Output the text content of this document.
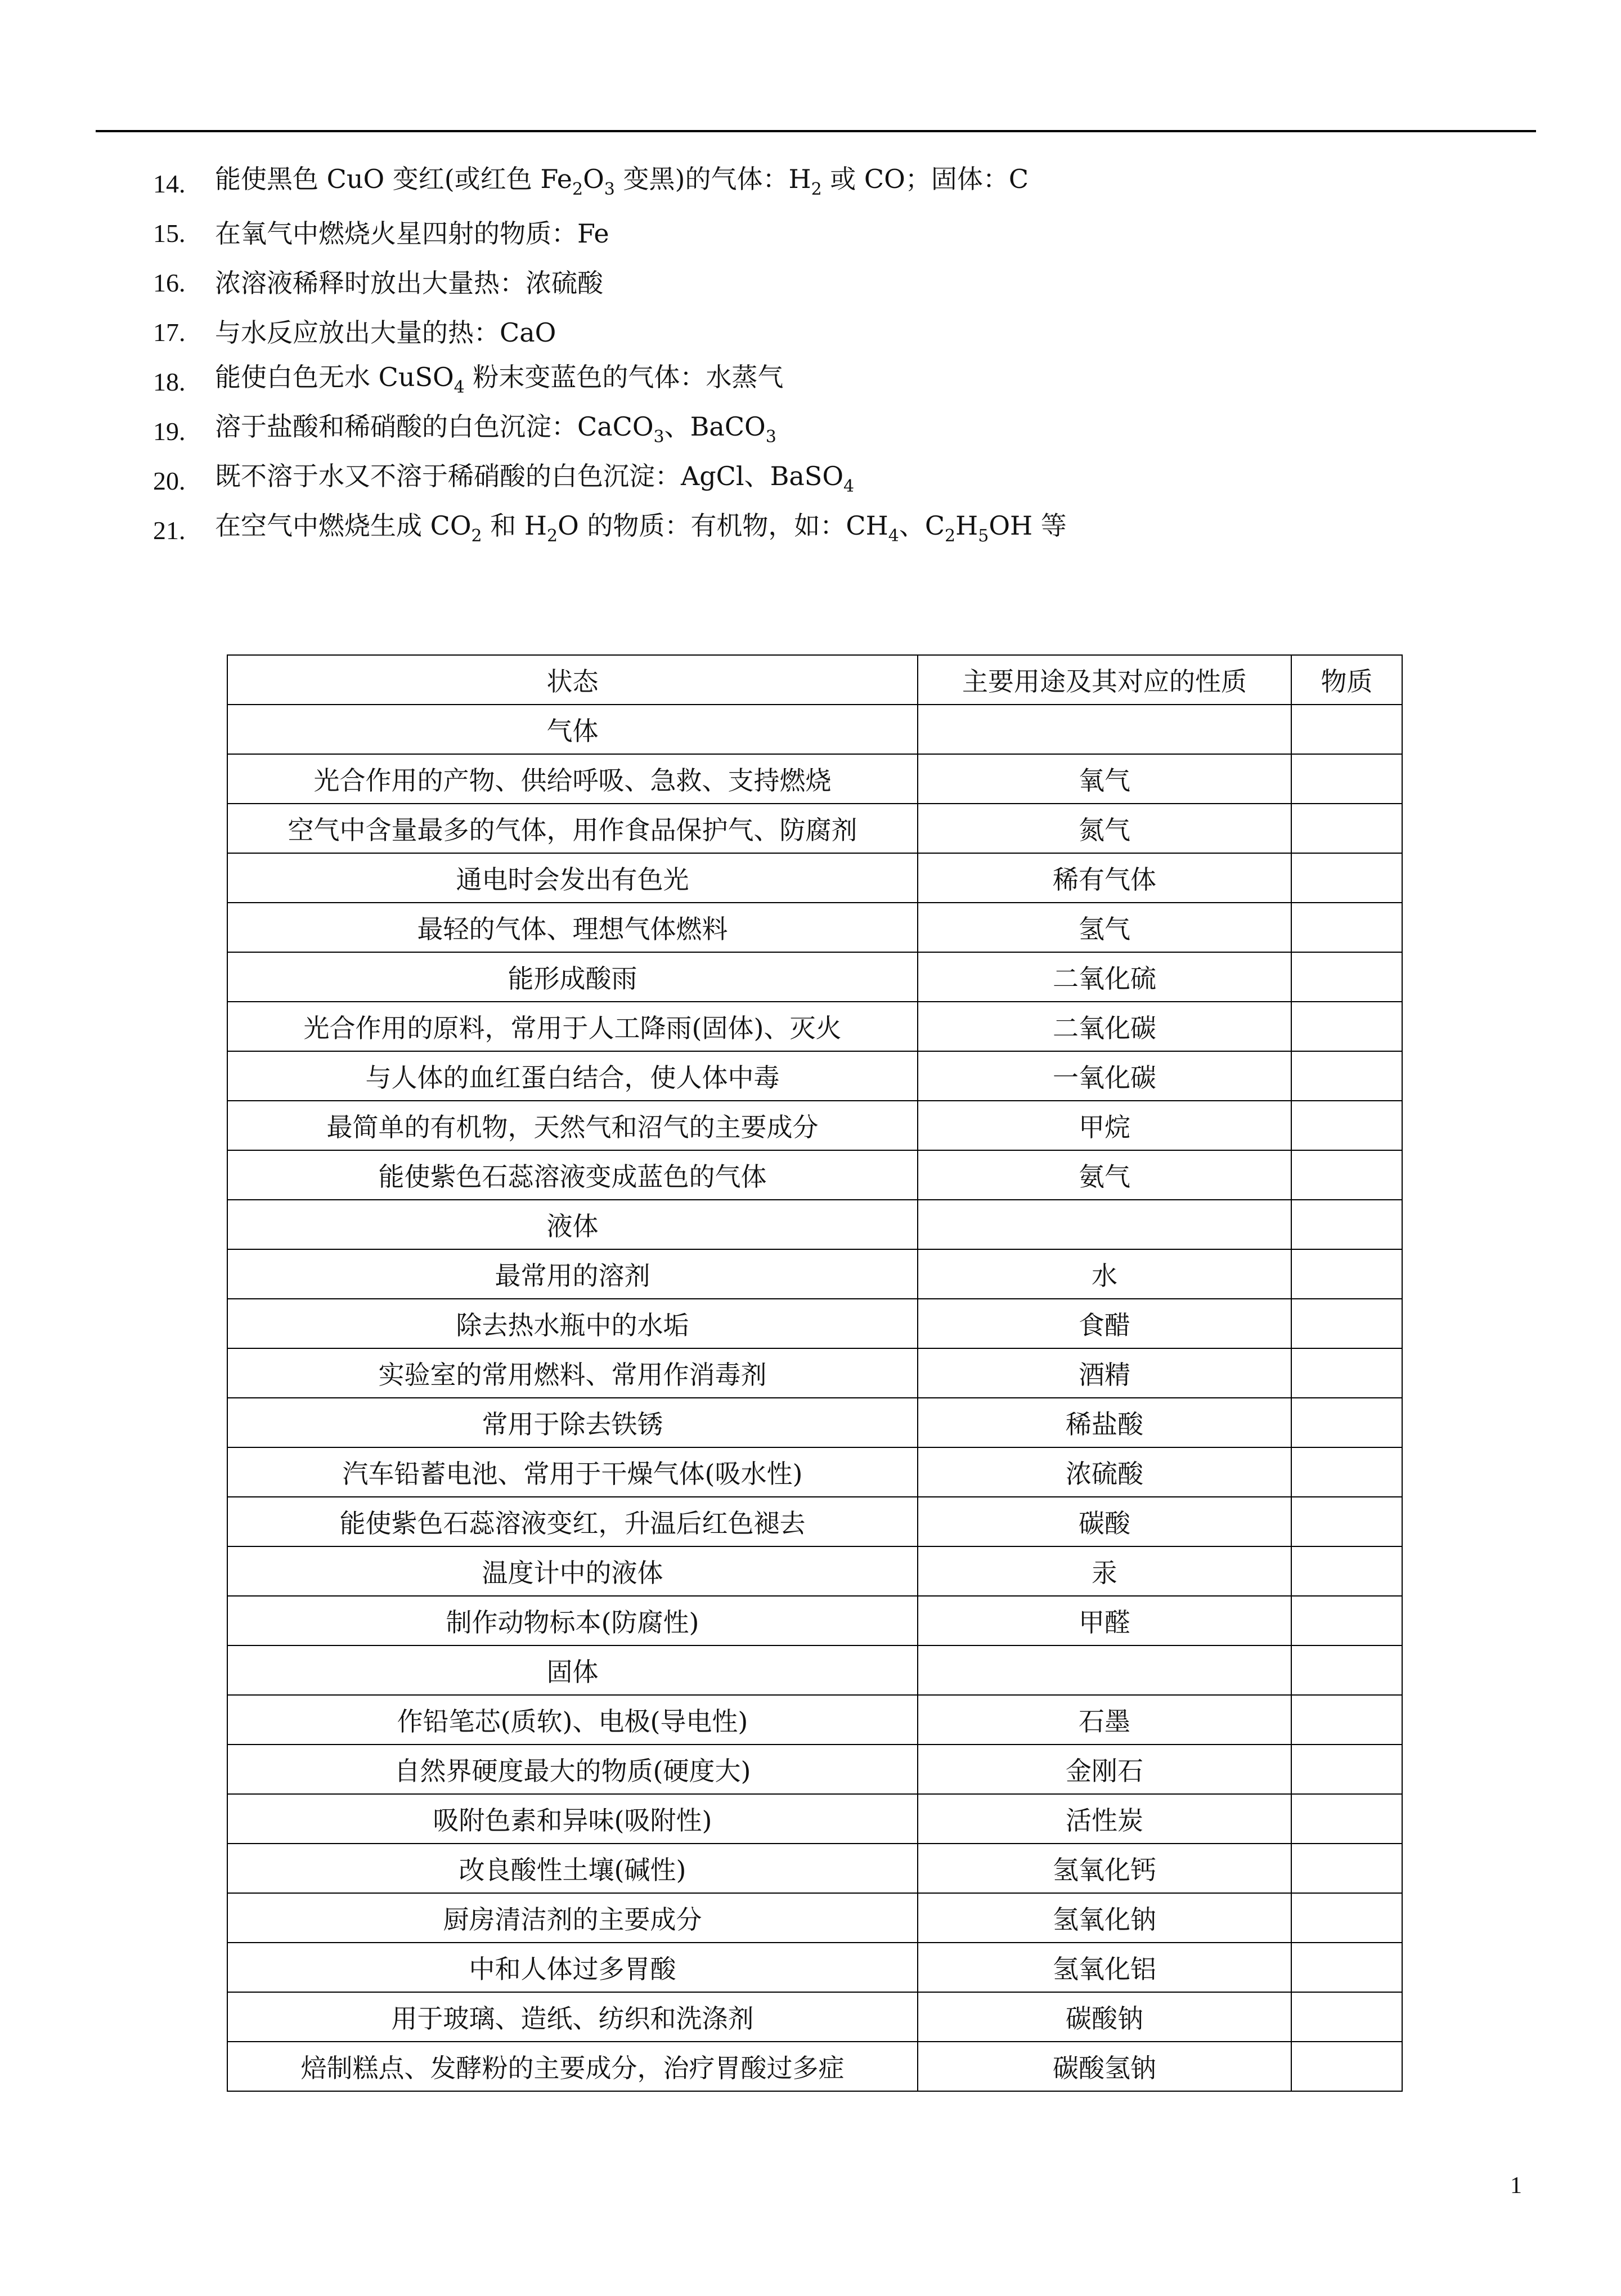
14.	能使黑色 CuO 变红(或红色 $Fe_2O_3$ 变黑)的气体：$H_2$ 或 CO；固体：C
15.	在氧气中燃烧火星四射的物质：Fe
16.	浓溶液稀释时放出大量热：浓硫酸
17.	与水反应放出大量的热：CaO
18.	能使白色无水 CuSO$_4$ 粉末变蓝色的气体：水蒸气
19.	溶于盐酸和稀硝酸的白色沉淀：CaCO$_3$、BaCO$_3$
20.	既不溶于水又不溶于稀硝酸的白色沉淀：AgCl、BaSO$_4$
21.	在空气中燃烧生成 $CO_2$ 和 $H_2O$ 的物质：有机物，如：$CH_4$、$C_2H_5OH$ 等
状态	主要用途及其对应的性质	物质
气体		
光合作用的产物、供给呼吸、急救、支持燃烧	氧气	
空气中含量最多的气体，用作食品保护气、防腐剂	氮气	
通电时会发出有色光	稀有气体	
最轻的气体、理想气体燃料	氢气	
能形成酸雨	二氧化硫	
光合作用的原料，常用于人工降雨(固体)、灭火	二氧化碳	
与人体的血红蛋白结合，使人体中毒	一氧化碳	
最简单的有机物，天然气和沼气的主要成分	甲烷	
能使紫色石蕊溶液变成蓝色的气体	氨气	
液体		
最常用的溶剂	水	
除去热水瓶中的水垢	食醋	
实验室的常用燃料、常用作消毒剂	酒精	
常用于除去铁锈	稀盐酸	
汽车铅蓄电池、常用于干燥气体(吸水性)	浓硫酸	
能使紫色石蕊溶液变红，升温后红色褪去	碳酸	
温度计中的液体	汞	
制作动物标本(防腐性)	甲醛	
固体		
作铅笔芯(质软)、电极(导电性)	石墨	
自然界硬度最大的物质(硬度大)	金刚石	
吸附色素和异味(吸附性)	活性炭	
改良酸性土壤(碱性)	氢氧化钙	
厨房清洁剂的主要成分	氢氧化钠	
中和人体过多胃酸	氢氧化铝	
用于玻璃、造纸、纺织和洗涤剂	碳酸钠	
焙制糕点、发酵粉的主要成分，治疗胃酸过多症	碳酸氢钠	
1
